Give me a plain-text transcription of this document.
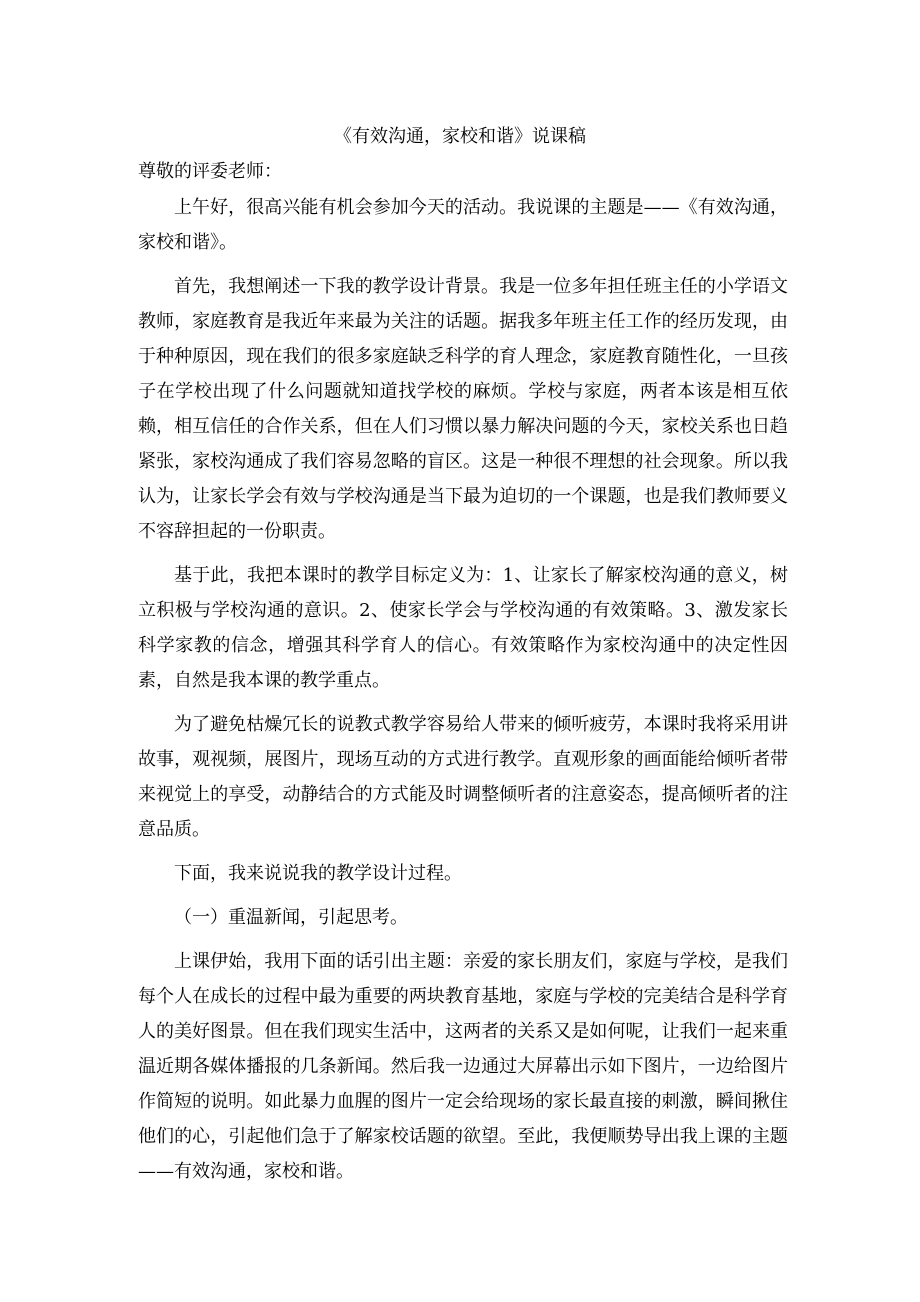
《有效沟通，家校和谐》说课稿

尊敬的评委老师：

上午好，很高兴能有机会参加今天的活动。我说课的主题是——《有效沟通，家校和谐》。

首先，我想阐述一下我的教学设计背景。我是一位多年担任班主任的小学语文教师，家庭教育是我近年来最为关注的话题。据我多年班主任工作的经历发现，由于种种原因，现在我们的很多家庭缺乏科学的育人理念，家庭教育随性化，一旦孩子在学校出现了什么问题就知道找学校的麻烦。学校与家庭，两者本该是相互依赖，相互信任的合作关系，但在人们习惯以暴力解决问题的今天，家校关系也日趋紧张，家校沟通成了我们容易忽略的盲区。这是一种很不理想的社会现象。所以我认为，让家长学会有效与学校沟通是当下最为迫切的一个课题，也是我们教师要义不容辞担起的一份职责。

基于此，我把本课时的教学目标定义为：1、让家长了解家校沟通的意义，树立积极与学校沟通的意识。2、使家长学会与学校沟通的有效策略。3、激发家长科学家教的信念，增强其科学育人的信心。有效策略作为家校沟通中的决定性因素，自然是我本课的教学重点。

为了避免枯燥冗长的说教式教学容易给人带来的倾听疲劳，本课时我将采用讲故事，观视频，展图片，现场互动的方式进行教学。直观形象的画面能给倾听者带来视觉上的享受，动静结合的方式能及时调整倾听者的注意姿态，提高倾听者的注意品质。

下面，我来说说我的教学设计过程。

（一）重温新闻，引起思考。

上课伊始，我用下面的话引出主题：亲爱的家长朋友们，家庭与学校，是我们每个人在成长的过程中最为重要的两块教育基地，家庭与学校的完美结合是科学育人的美好图景。但在我们现实生活中，这两者的关系又是如何呢，让我们一起来重温近期各媒体播报的几条新闻。然后我一边通过大屏幕出示如下图片，一边给图片作简短的说明。如此暴力血腥的图片一定会给现场的家长最直接的刺激，瞬间揪住他们的心，引起他们急于了解家校话题的欲望。至此，我便顺势导出我上课的主题——有效沟通，家校和谐。
